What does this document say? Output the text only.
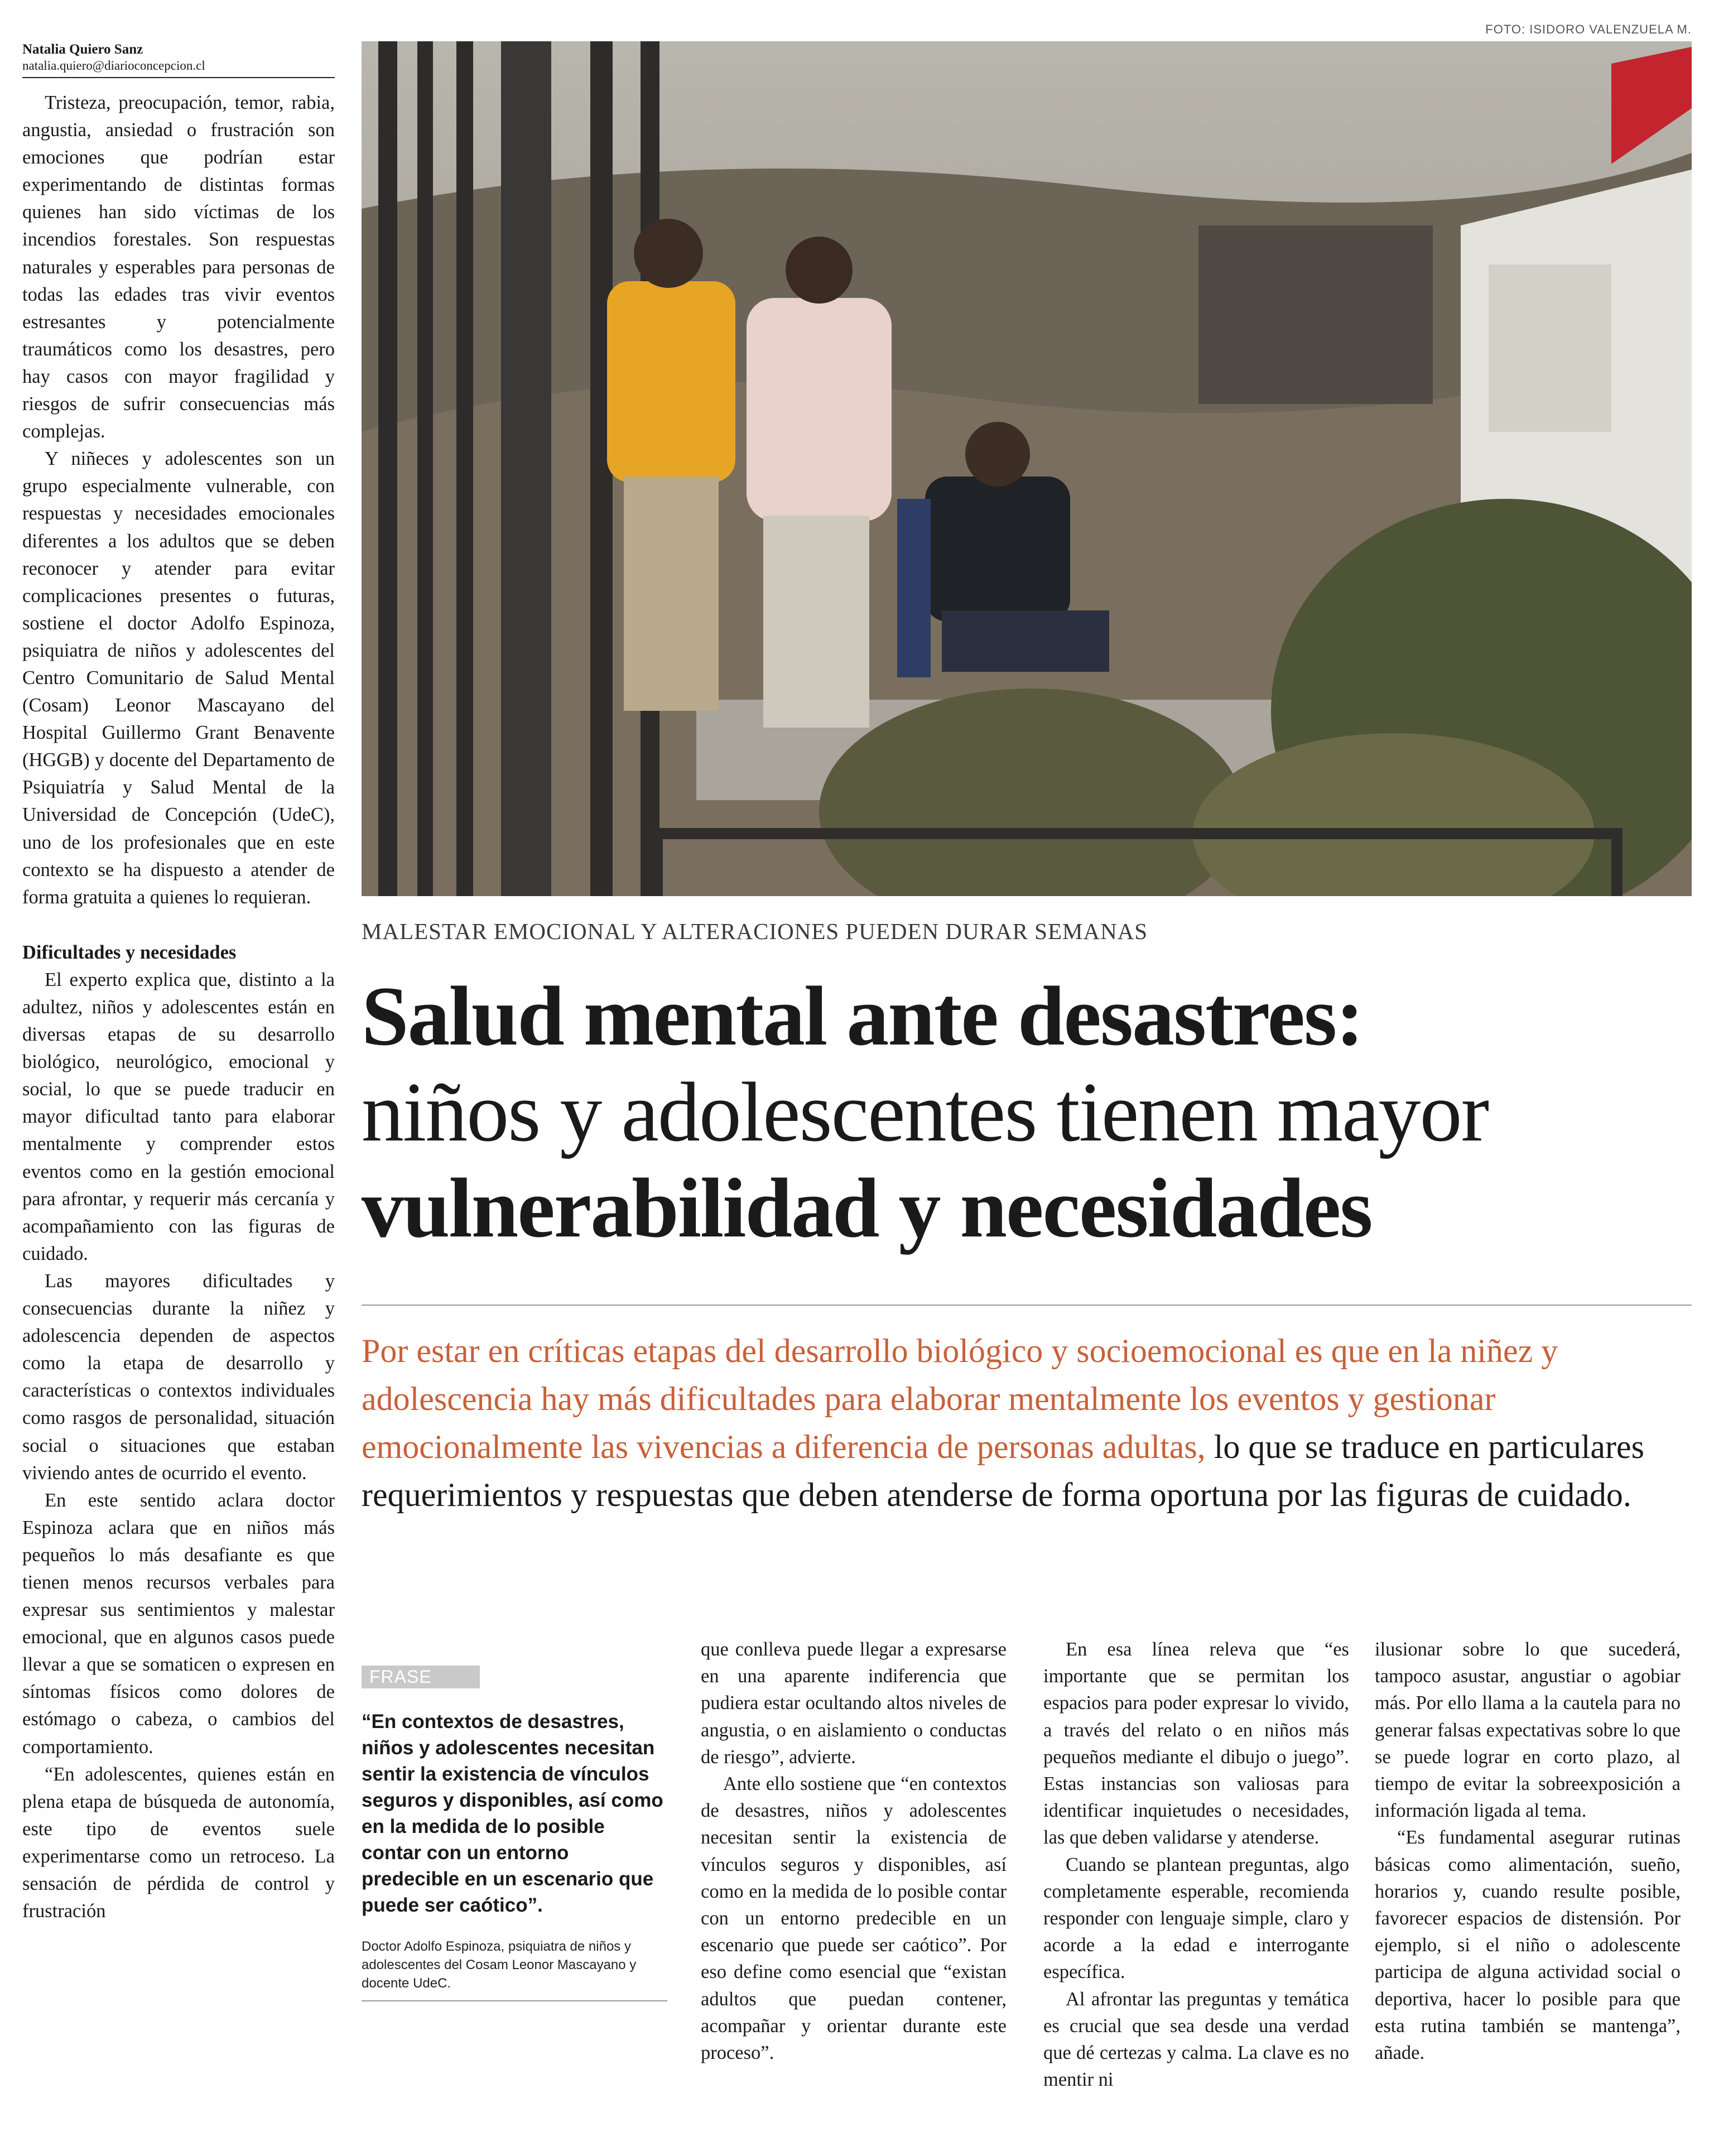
Natalia Quiero Sanz
natalia.quiero@diarioconcepcion.cl

Tristeza, preocupación, temor, rabia, angustia, ansiedad o frustración son emociones que podrían estar experimentando de distintas formas quienes han sido víctimas de los incendios forestales. Son respuestas naturales y esperables para personas de todas las edades tras vivir eventos estresantes y potencialmente traumáticos como los desastres, pero hay casos con mayor fragilidad y riesgos de sufrir consecuencias más complejas.

Y niñeces y adolescentes son un grupo especialmente vulnerable, con respuestas y necesidades emocionales diferentes a los adultos que se deben reconocer y atender para evitar complicaciones presentes o futuras, sostiene el doctor Adolfo Espinoza, psiquiatra de niños y adolescentes del Centro Comunitario de Salud Mental (Cosam) Leonor Mascayano del Hospital Guillermo Grant Benavente (HGGB) y docente del Departamento de Psiquiatría y Salud Mental de la Universidad de Concepción (UdeC), uno de los profesionales que en este contexto se ha dispuesto a atender de forma gratuita a quienes lo requieran.

Dificultades y necesidades

El experto explica que, distinto a la adultez, niños y adolescentes están en diversas etapas de su desarrollo biológico, neurológico, emocional y social, lo que se puede traducir en mayor dificultad tanto para elaborar mentalmente y comprender estos eventos como en la gestión emocional para afrontar, y requerir más cercanía y acompañamiento con las figuras de cuidado.

Las mayores dificultades y consecuencias durante la niñez y adolescencia dependen de aspectos como la etapa de desarrollo y características o contextos individuales como rasgos de personalidad, situación social o situaciones que estaban viviendo antes de ocurrido el evento.

En este sentido aclara doctor Espinoza aclara que en niños más pequeños lo más desafiante es que tienen menos recursos verbales para expresar sus sentimientos y malestar emocional, que en algunos casos puede llevar a que se somaticen o expresen en síntomas físicos como dolores de estómago o cabeza, o cambios del comportamiento.

“En adolescentes, quienes están en plena etapa de búsqueda de autonomía, este tipo de eventos suele experimentarse como un retroceso. La sensación de pérdida de control y frustración

FOTO: ISIDORO VALENZUELA M.
MALESTAR EMOCIONAL Y ALTERACIONES PUEDEN DURAR SEMANAS
Salud mental ante desastres:
niños y adolescentes tienen mayor
vulnerabilidad y necesidades
Por estar en críticas etapas del desarrollo biológico y socioemocional es que en la niñez y adolescencia hay más dificultades para elaborar mentalmente los eventos y gestionar emocionalmente las vivencias a diferencia de personas adultas, lo que se traduce en particulares requerimientos y respuestas que deben atenderse de forma oportuna por las figuras de cuidado.
FRASE
“En contextos de desastres, niños y adolescentes necesitan sentir la existencia de vínculos seguros y disponibles, así como en la medida de lo posible contar con un entorno predecible en un escenario que puede ser caótico”.
Doctor Adolfo Espinoza, psiquiatra de niños y adolescentes del Cosam Leonor Mascayano y docente UdeC.

que conlleva puede llegar a expresarse en una aparente indiferencia que pudiera estar ocultando altos niveles de angustia, o en aislamiento o conductas de riesgo”, advierte.

Ante ello sostiene que “en contextos de desastres, niños y adolescentes necesitan sentir la existencia de vínculos seguros y disponibles, así como en la medida de lo posible contar con un entorno predecible en un escenario que puede ser caótico”. Por eso define como esencial que “existan adultos que puedan contener, acompañar y orientar durante este proceso”.

En esa línea releva que “es importante que se permitan los espacios para poder expresar lo vivido, a través del relato o en niños más pequeños mediante el dibujo o juego”. Estas instancias son valiosas para identificar inquietudes o necesidades, las que deben validarse y atenderse.

Cuando se plantean preguntas, algo completamente esperable, recomienda responder con lenguaje simple, claro y acorde a la edad e interrogante específica.

Al afrontar las preguntas y temática es crucial que sea desde una verdad que dé certezas y calma. La clave es no mentir ni

ilusionar sobre lo que sucederá, tampoco asustar, angustiar o agobiar más. Por ello llama a la cautela para no generar falsas expectativas sobre lo que se puede lograr en corto plazo, al tiempo de evitar la sobreexposición a información ligada al tema.

“Es fundamental asegurar rutinas básicas como alimentación, sueño, horarios y, cuando resulte posible, favorecer espacios de distensión. Por ejemplo, si el niño o adolescente participa de alguna actividad social o deportiva, hacer lo posible para que esta rutina también se mantenga”, añade.
